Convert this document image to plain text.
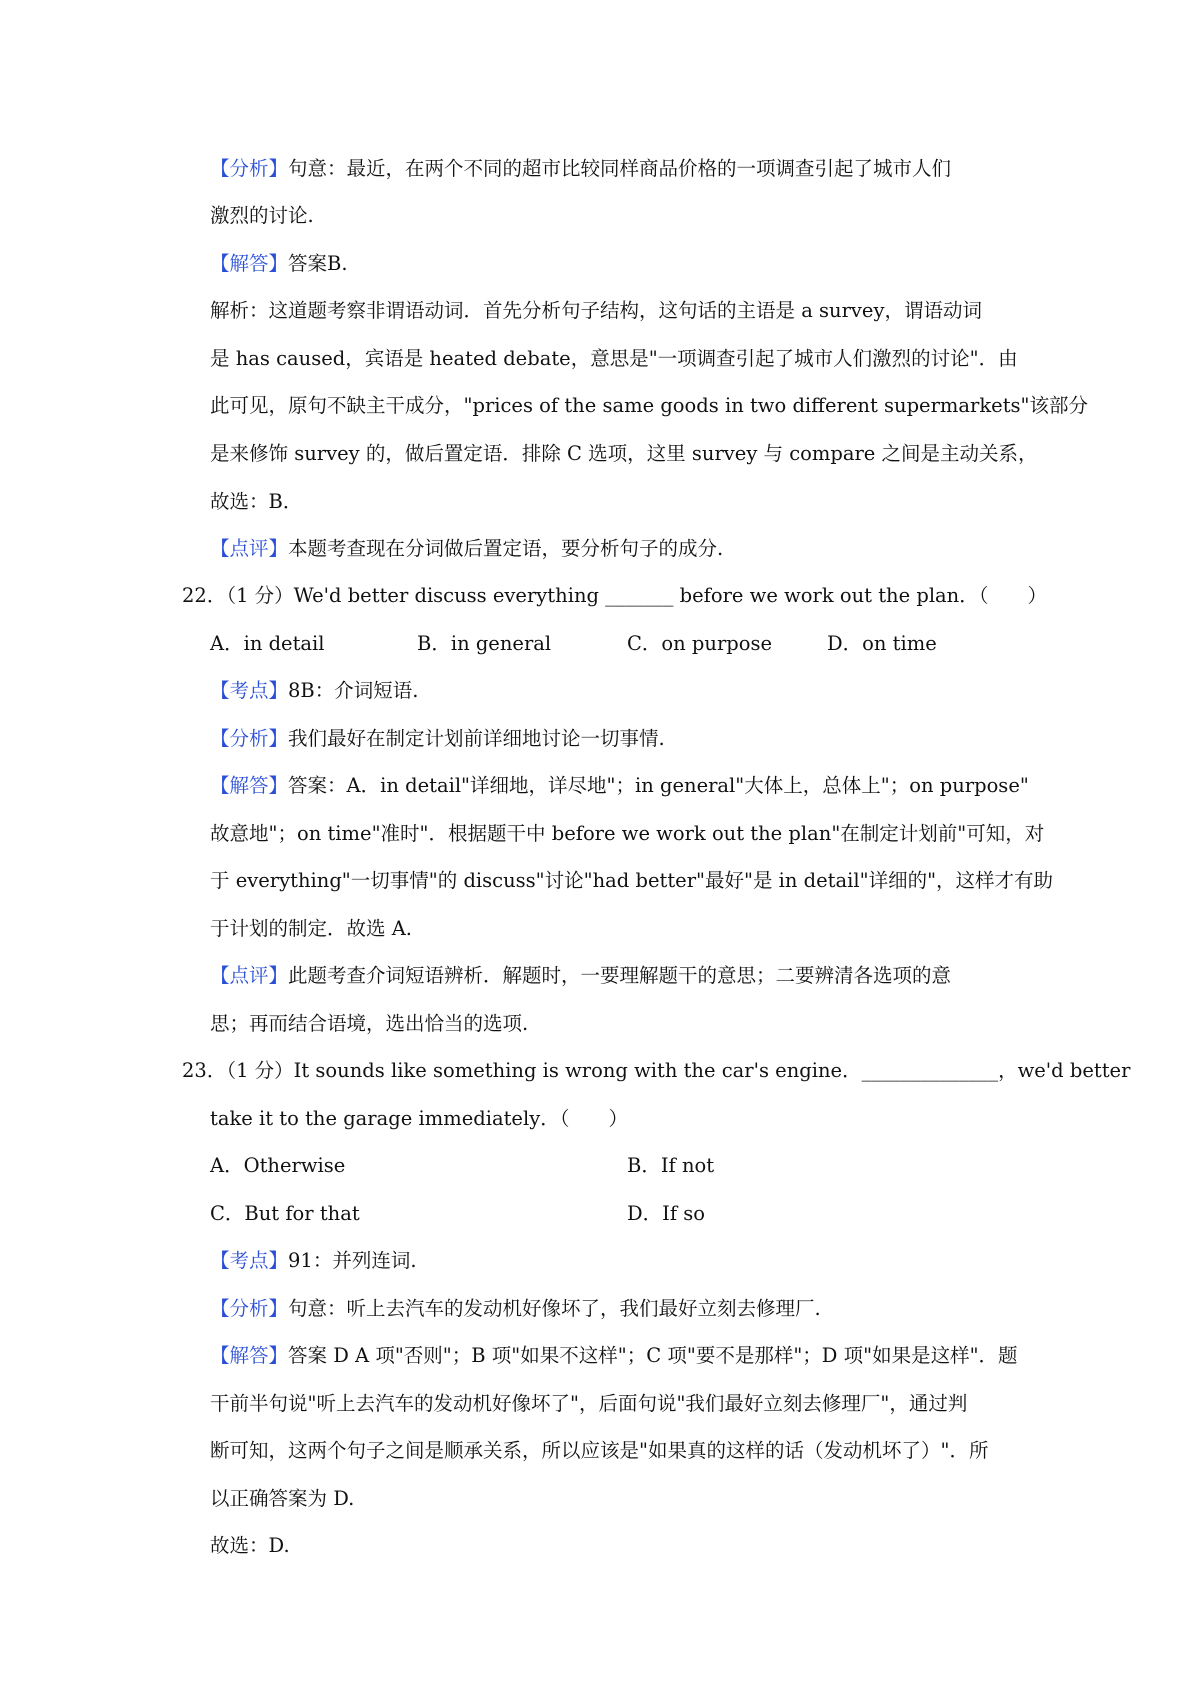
【分析】句意：最近，在两个不同的超市比较同样商品价格的一项调查引起了城市人们
激烈的讨论.
【解答】答案B.
解析：这道题考察非谓语动词．首先分析句子结构，这句话的主语是 a survey，谓语动词
是 has caused，宾语是 heated debate，意思是"一项调查引起了城市人们激烈的讨论"．由
此可见，原句不缺主干成分，"prices of the same goods in two different supermarkets"该部分
是来修饰 survey 的，做后置定语．排除 C 选项，这里 survey 与 compare 之间是主动关系，
故选：B．
【点评】本题考查现在分词做后置定语，要分析句子的成分.
22．（1 分）We'd better discuss everything _______ before we work out the plan．（　　）
A．in detail	B．in general	C．on purpose	D．on time
【考点】8B：介词短语.
【分析】我们最好在制定计划前详细地讨论一切事情.
【解答】答案：A．in detail"详细地，详尽地"；in general"大体上，总体上"；on purpose"
故意地"；on time"准时"．根据题干中 before we work out the plan"在制定计划前"可知，对
于 everything"一切事情"的 discuss"讨论"had better"最好"是 in detail"详细的"，这样才有助
于计划的制定．故选 A.
【点评】此题考查介词短语辨析．解题时，一要理解题干的意思；二要辨清各选项的意
思；再而结合语境，选出恰当的选项.
23．（1 分）It sounds like something is wrong with the car's engine．______________，we'd better
take it to the garage immediately．（　　）
A．Otherwise	B．If not
C．But for that	D．If so
【考点】91：并列连词.
【分析】句意：听上去汽车的发动机好像坏了，我们最好立刻去修理厂.
【解答】答案 D A 项"否则"；B 项"如果不这样"；C 项"要不是那样"；D 项"如果是这样"．题
干前半句说"听上去汽车的发动机好像坏了"，后面句说"我们最好立刻去修理厂"，通过判
断可知，这两个句子之间是顺承关系，所以应该是"如果真的这样的话（发动机坏了）"．所
以正确答案为 D.
故选：D.
